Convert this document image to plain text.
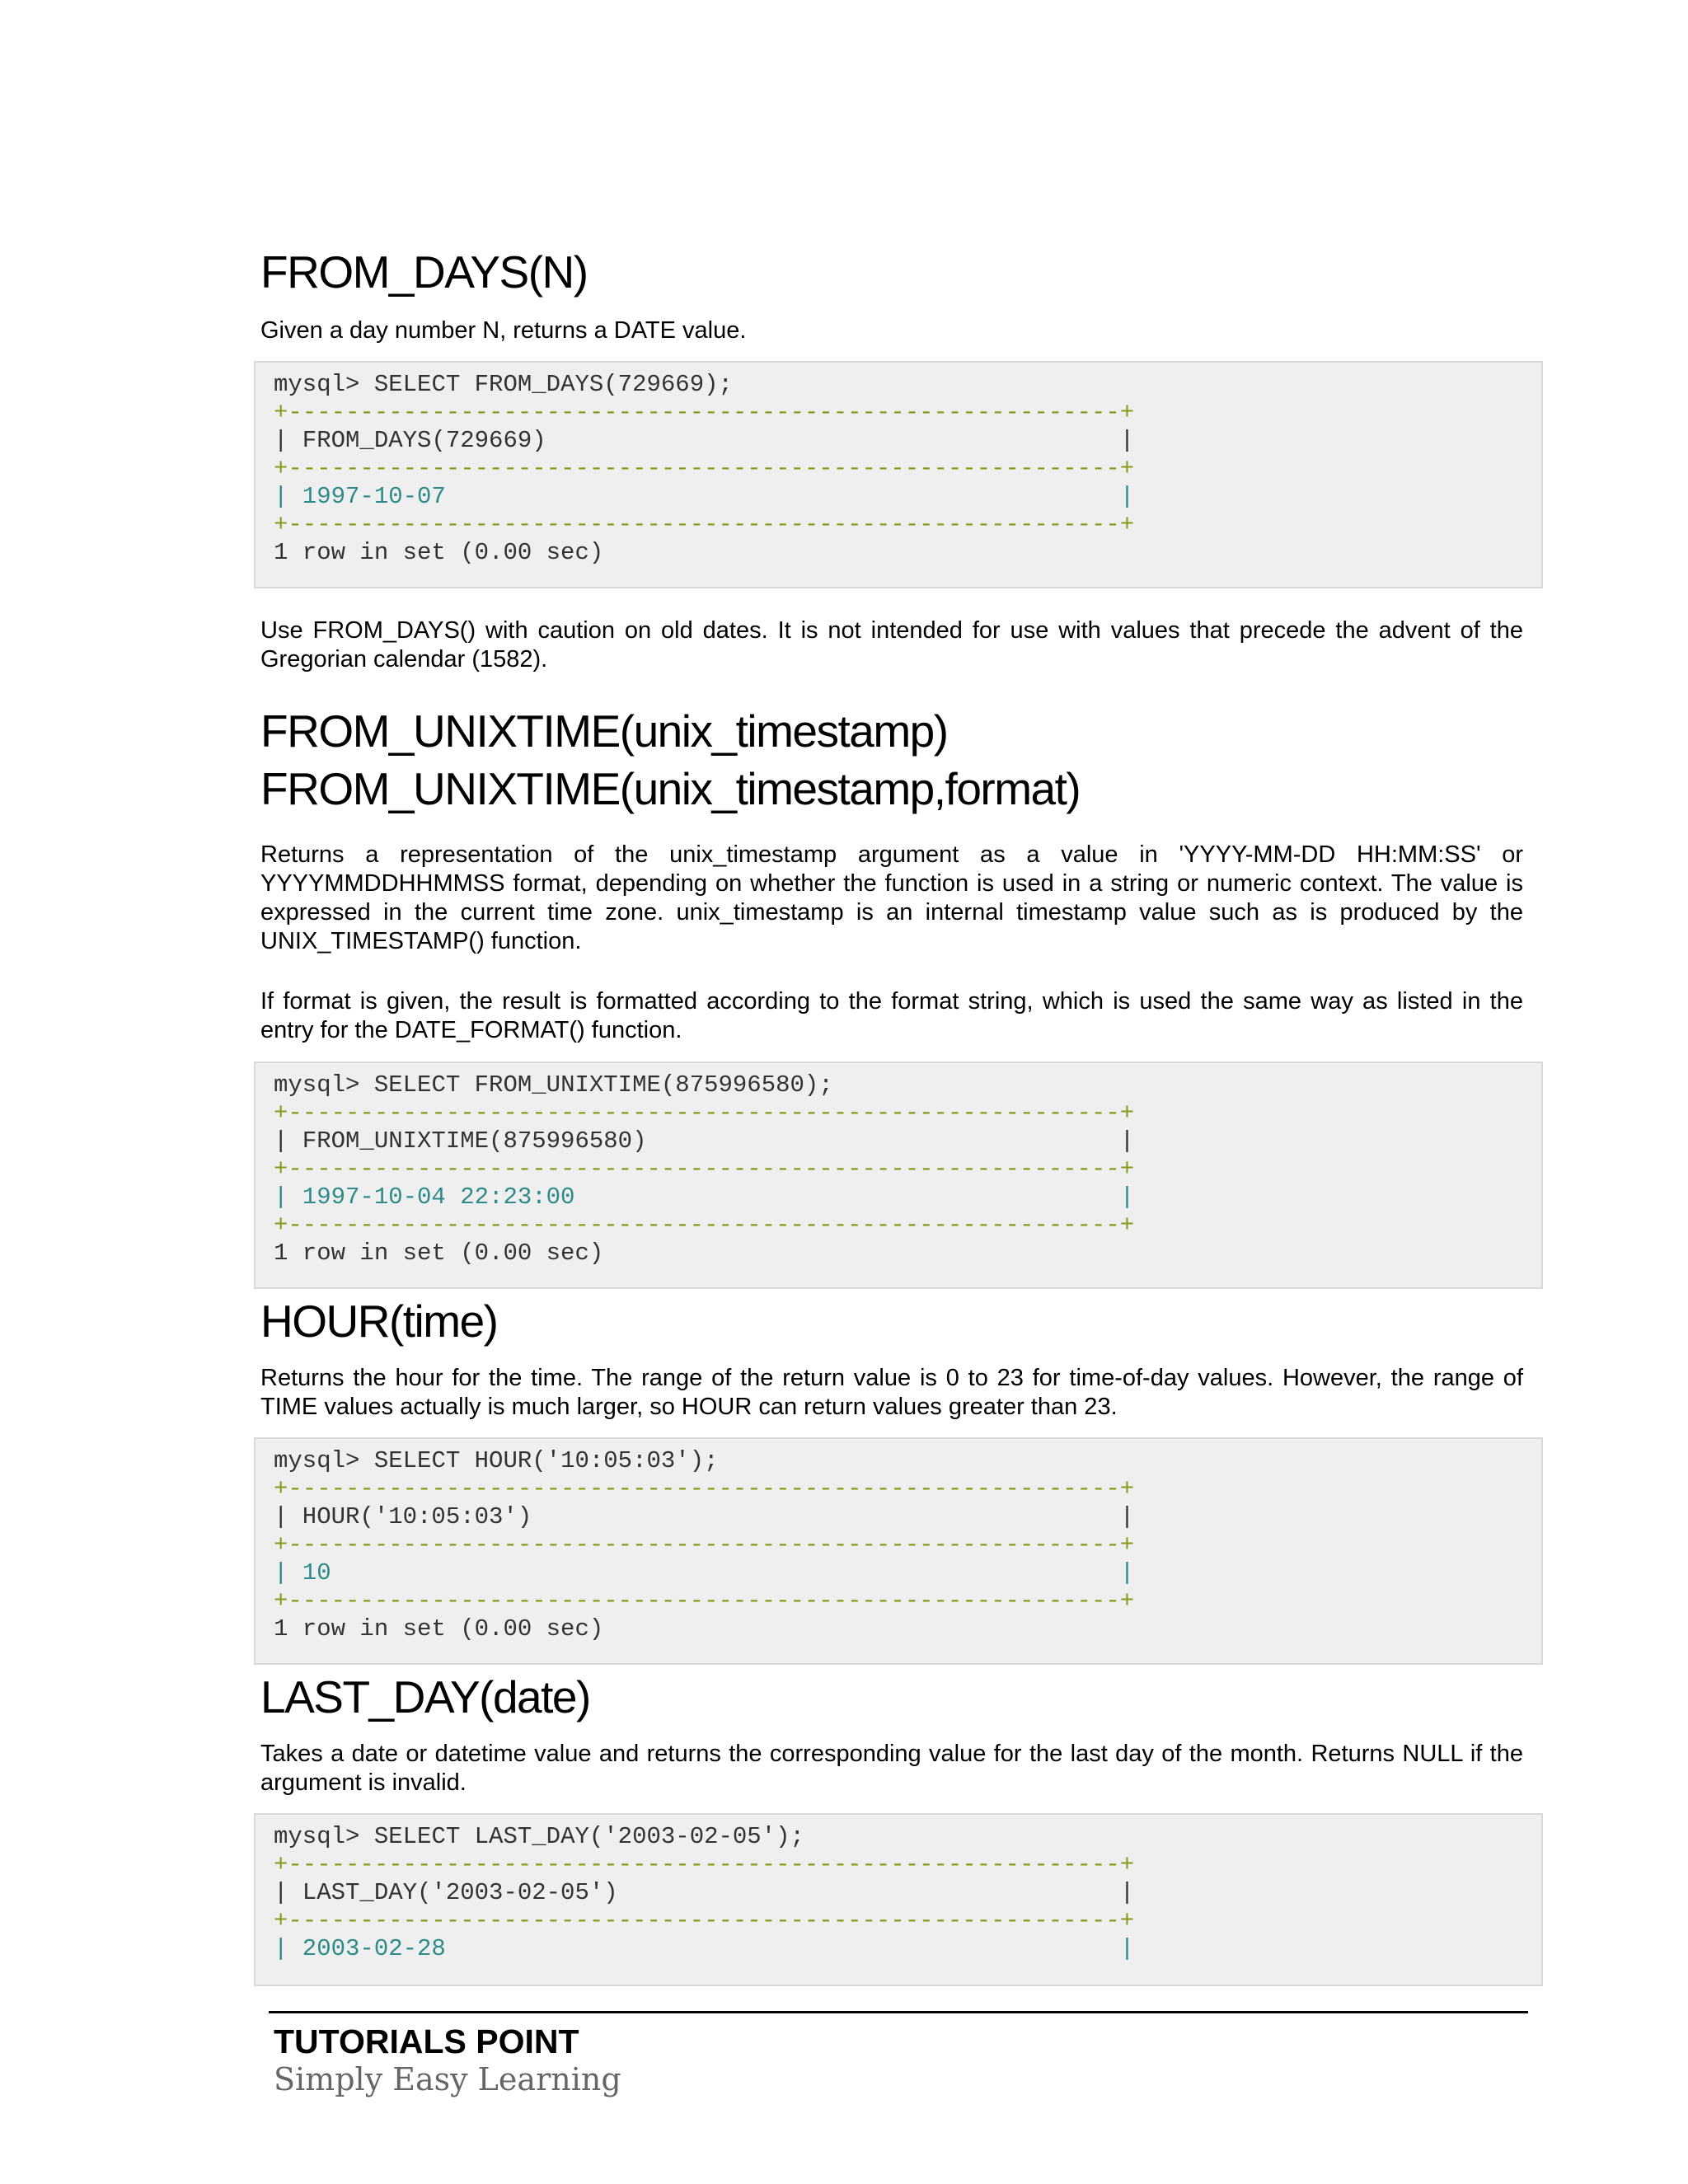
FROM_DAYS(N)

Given a day number N, returns a DATE value.

mysql> SELECT FROM_DAYS(729669);
+----------------------------------------------------------+
| FROM_DAYS(729669)                                        |
+----------------------------------------------------------+
| 1997-10-07                                               |
+----------------------------------------------------------+
1 row in set (0.00 sec)

Use FROM_DAYS() with caution on old dates. It is not intended for use with values that precede the advent of the Gregorian calendar (1582).

FROM_UNIXTIME(unix_timestamp)
FROM_UNIXTIME(unix_timestamp,format)

Returns a representation of the unix_timestamp argument as a value in 'YYYY-MM-DD HH:MM:SS' or YYYYMMDDHHMMSS format, depending on whether the function is used in a string or numeric context. The value is expressed in the current time zone. unix_timestamp is an internal timestamp value such as is produced by the UNIX_TIMESTAMP() function.

If format is given, the result is formatted according to the format string, which is used the same way as listed in the entry for the DATE_FORMAT() function.

mysql> SELECT FROM_UNIXTIME(875996580);
+----------------------------------------------------------+
| FROM_UNIXTIME(875996580)                                 |
+----------------------------------------------------------+
| 1997-10-04 22:23:00                                      |
+----------------------------------------------------------+
1 row in set (0.00 sec)
HOUR(time)

Returns the hour for the time. The range of the return value is 0 to 23 for time-of-day values. However, the range of TIME values actually is much larger, so HOUR can return values greater than 23.

mysql> SELECT HOUR('10:05:03');
+----------------------------------------------------------+
| HOUR('10:05:03')                                         |
+----------------------------------------------------------+
| 10                                                       |
+----------------------------------------------------------+
1 row in set (0.00 sec)
LAST_DAY(date)

Takes a date or datetime value and returns the corresponding value for the last day of the month. Returns NULL if the argument is invalid.

mysql> SELECT LAST_DAY('2003-02-05');
+----------------------------------------------------------+
| LAST_DAY('2003-02-05')                                   |
+----------------------------------------------------------+
| 2003-02-28                                               |

TUTORIALS POINT

Simply Easy Learning
